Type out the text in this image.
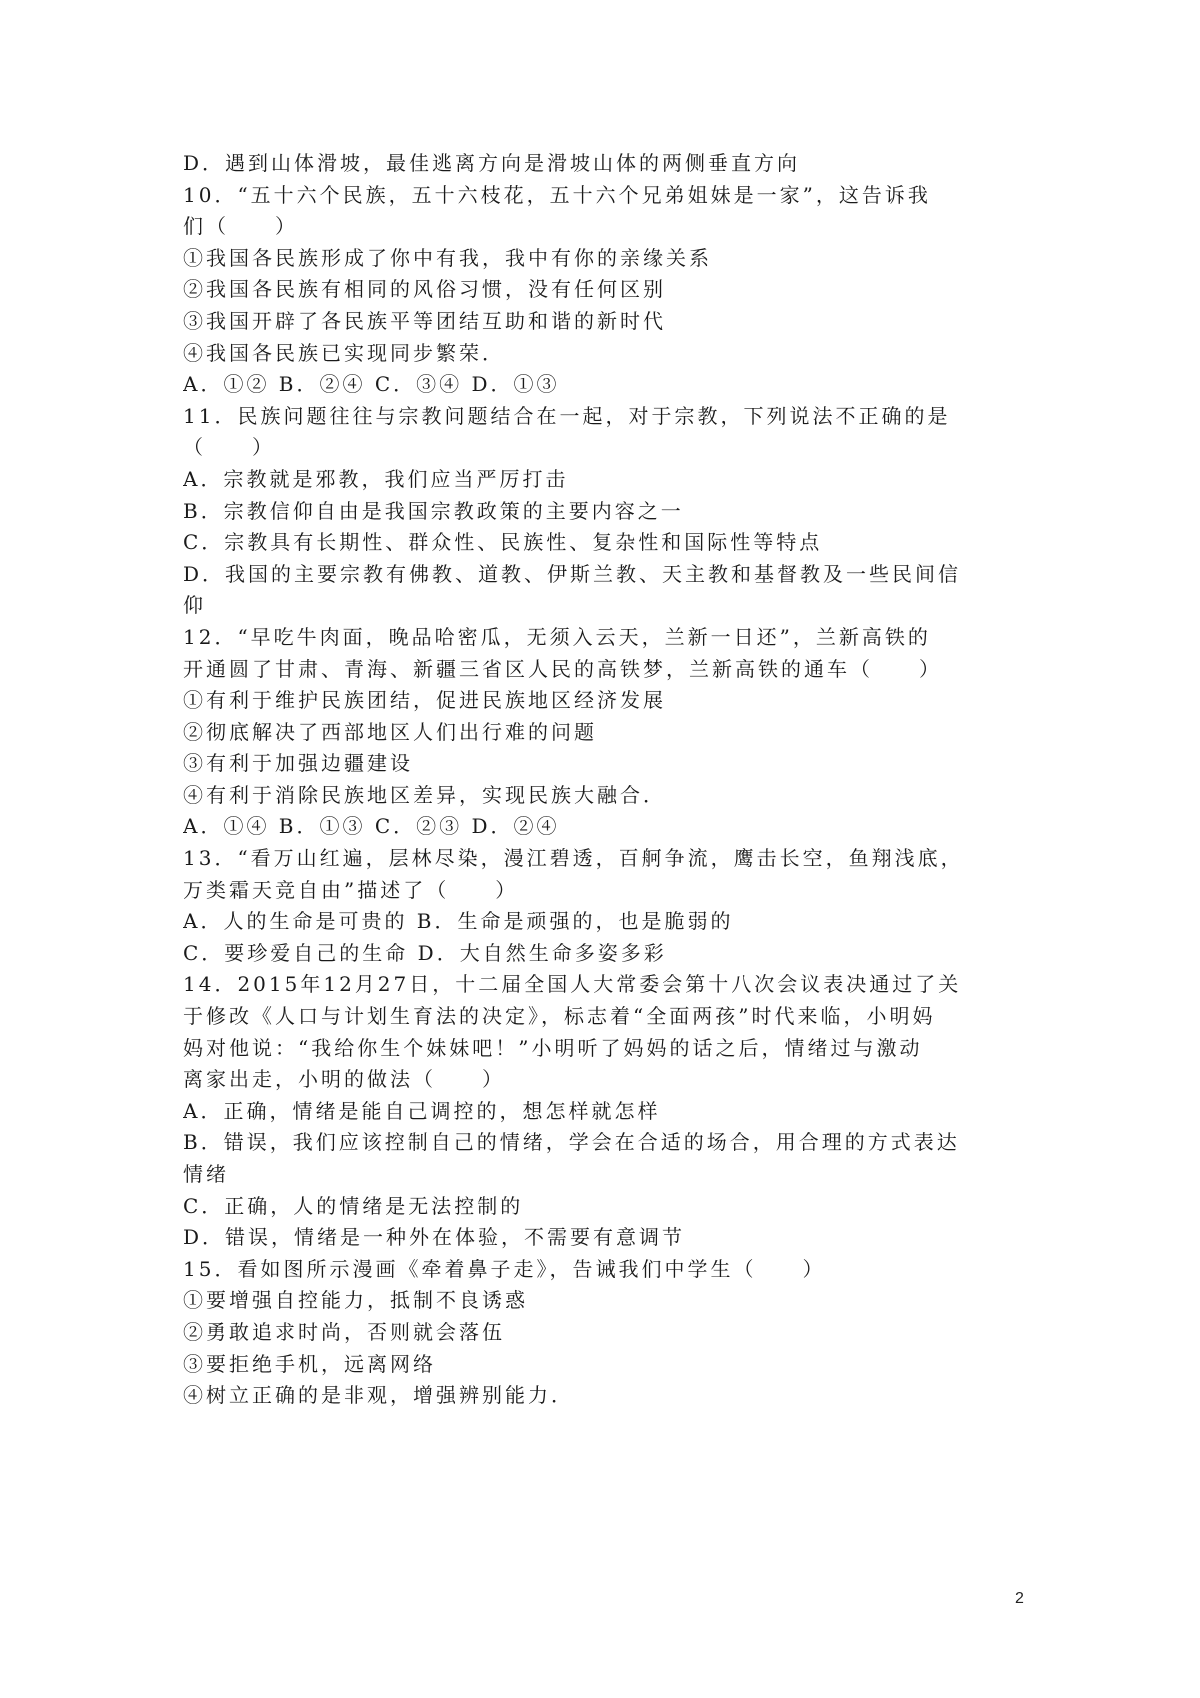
D．遇到山体滑坡，最佳逃离方向是滑坡山体的两侧垂直方向
10．“五十六个民族，五十六枝花，五十六个兄弟姐妹是一家”，这告诉我
们（　　）
①我国各民族形成了你中有我，我中有你的亲缘关系
②我国各民族有相同的风俗习惯，没有任何区别
③我国开辟了各民族平等团结互助和谐的新时代
④我国各民族已实现同步繁荣．
A．①② B．②④ C．③④ D．①③
11．民族问题往往与宗教问题结合在一起，对于宗教，下列说法不正确的是
（　　）
A．宗教就是邪教，我们应当严厉打击
B．宗教信仰自由是我国宗教政策的主要内容之一
C．宗教具有长期性、群众性、民族性、复杂性和国际性等特点
D．我国的主要宗教有佛教、道教、伊斯兰教、天主教和基督教及一些民间信
仰
12．“早吃牛肉面，晚品哈密瓜，无须入云天，兰新一日还”，兰新高铁的
开通圆了甘肃、青海、新疆三省区人民的高铁梦，兰新高铁的通车（　　）
①有利于维护民族团结，促进民族地区经济发展
②彻底解决了西部地区人们出行难的问题
③有利于加强边疆建设
④有利于消除民族地区差异，实现民族大融合．
A．①④ B．①③ C．②③ D．②④
13．“看万山红遍，层林尽染，漫江碧透，百舸争流，鹰击长空，鱼翔浅底，
万类霜天竞自由”描述了（　　）
A．人的生命是可贵的 B．生命是顽强的，也是脆弱的
C．要珍爱自己的生命 D．大自然生命多姿多彩
14．2015年12月27日，十二届全国人大常委会第十八次会议表决通过了关
于修改《人口与计划生育法的决定》，标志着“全面两孩”时代来临，小明妈
妈对他说：“我给你生个妹妹吧！”小明听了妈妈的话之后，情绪过与激动
离家出走，小明的做法（　　）
A．正确，情绪是能自己调控的，想怎样就怎样
B．错误，我们应该控制自己的情绪，学会在合适的场合，用合理的方式表达
情绪
C．正确，人的情绪是无法控制的
D．错误，情绪是一种外在体验，不需要有意调节
15．看如图所示漫画《牵着鼻子走》，告诫我们中学生（　　）
①要增强自控能力，抵制不良诱惑
②勇敢追求时尚，否则就会落伍
③要拒绝手机，远离网络
④树立正确的是非观，增强辨别能力．
2
